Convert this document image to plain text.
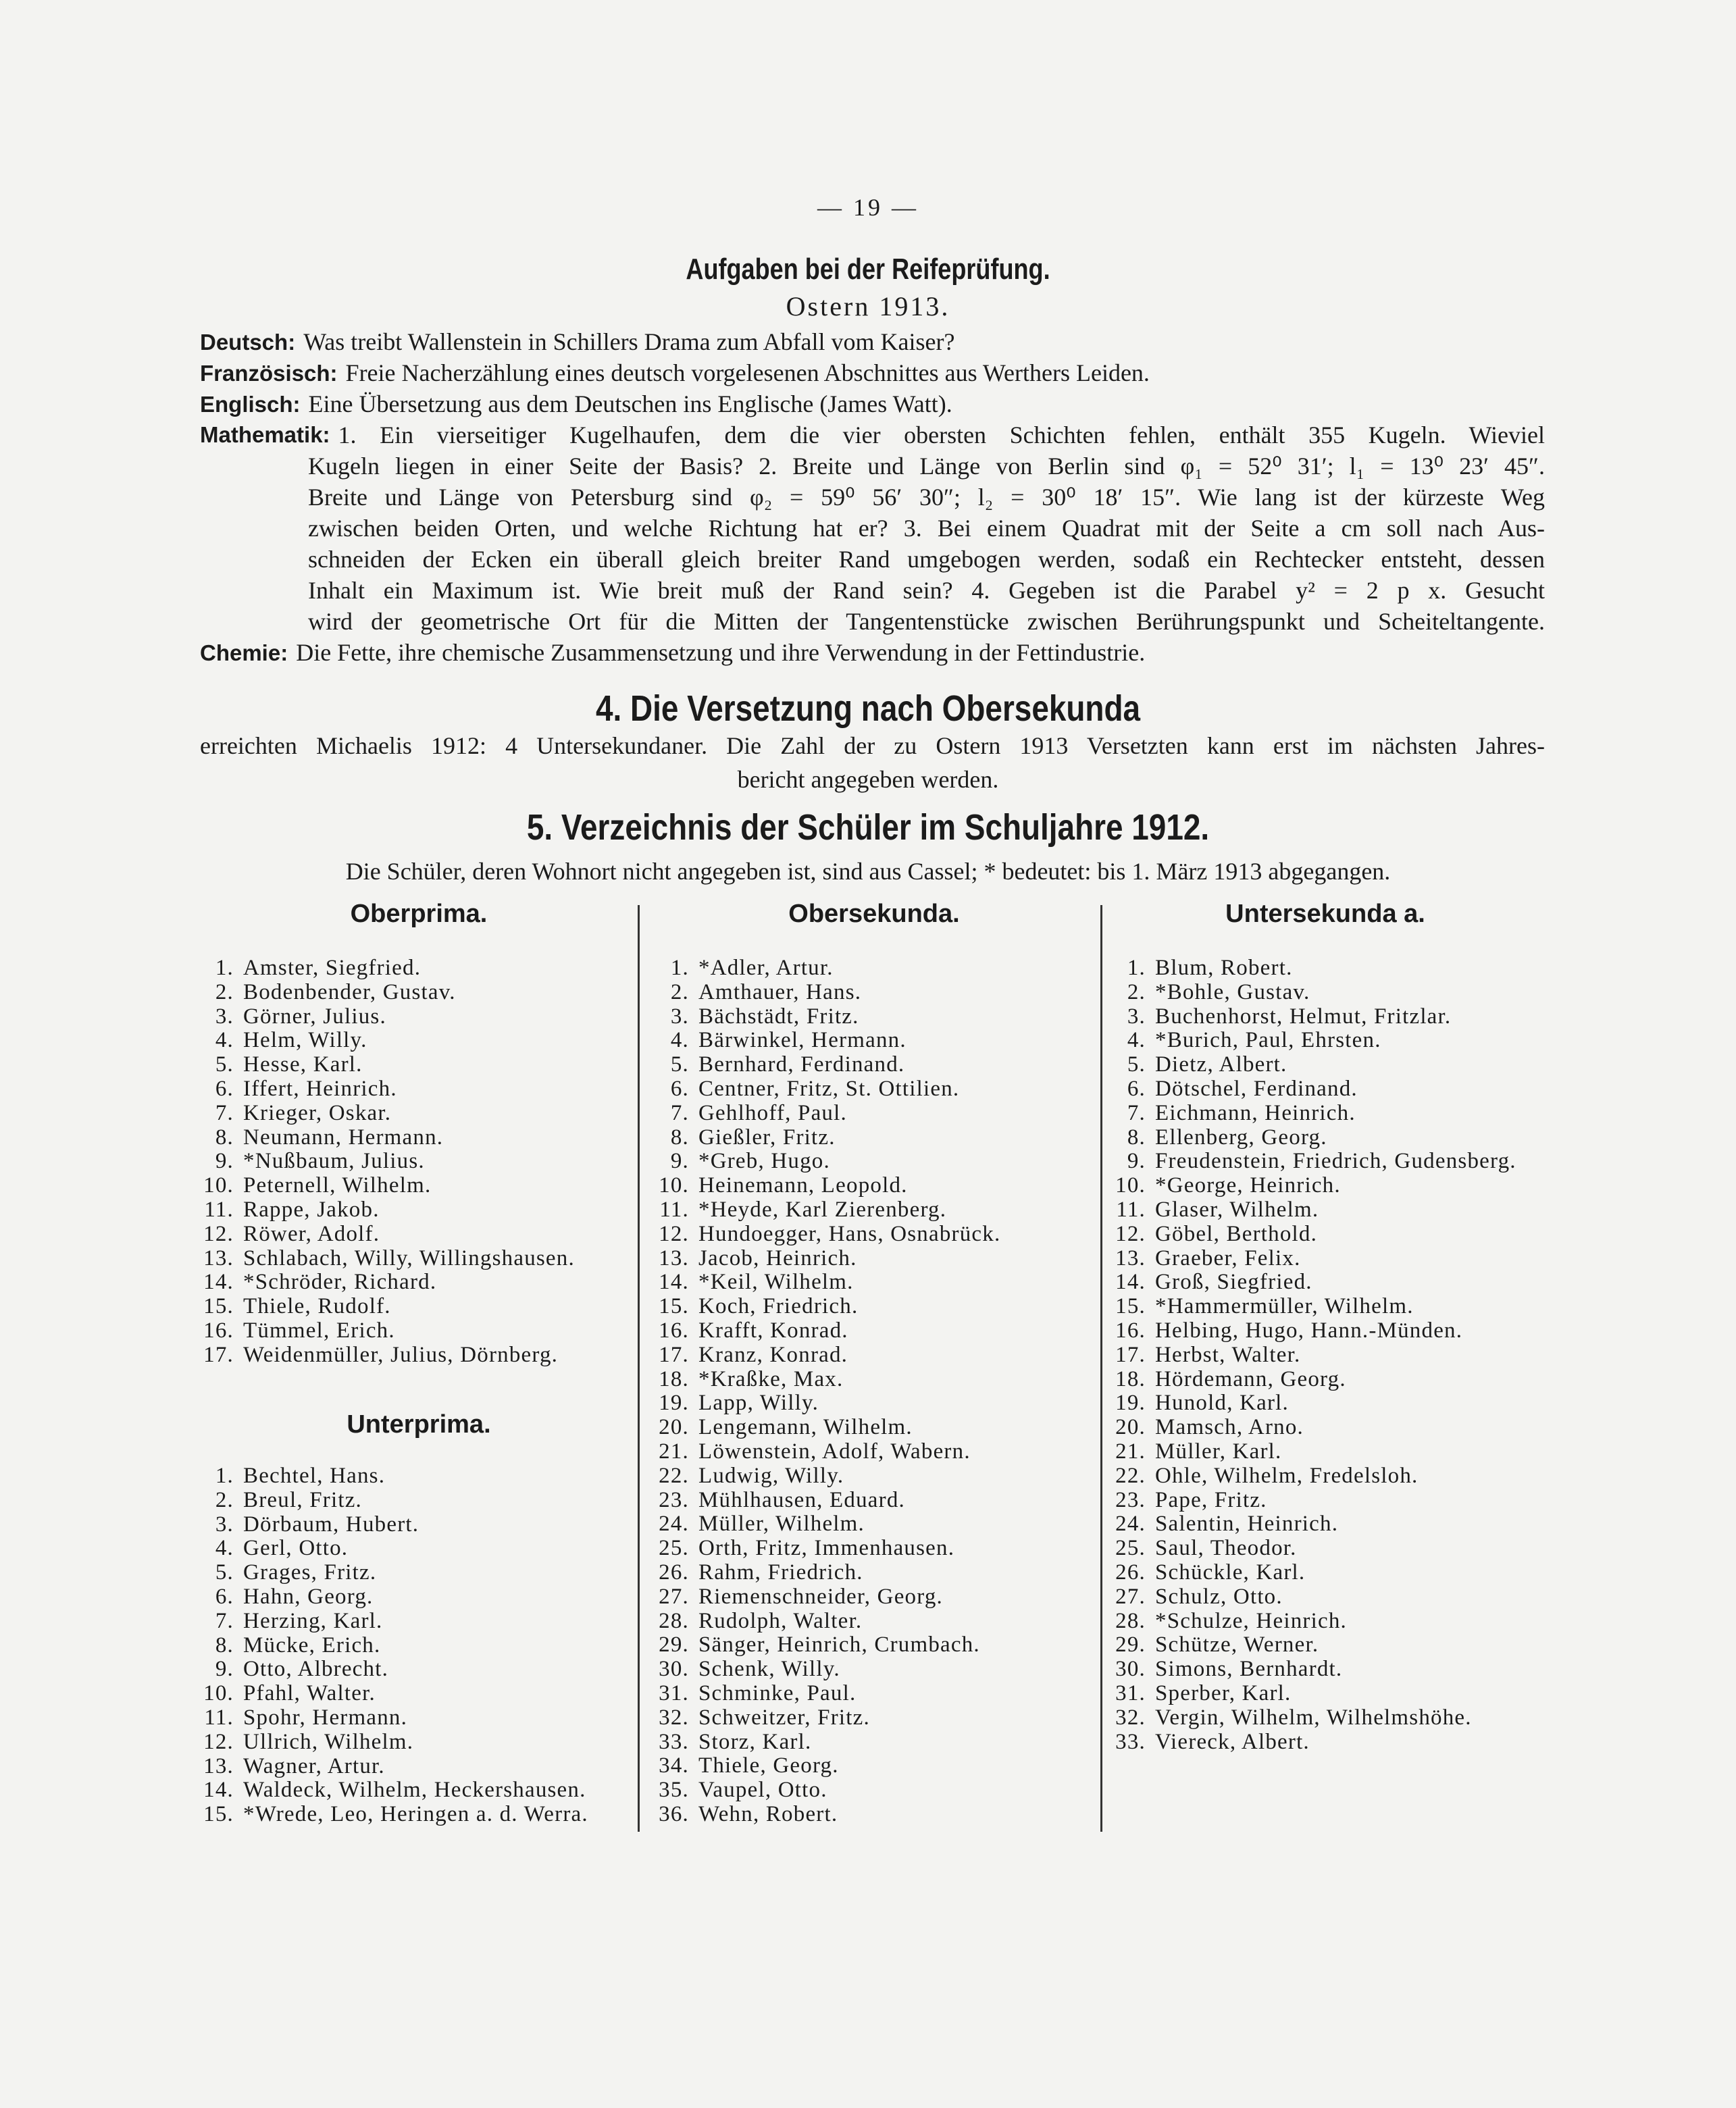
— 19 —
Aufgaben bei der Reifeprüfung.
Ostern 1913.
Deutsch: Was treibt Wallenstein in Schillers Drama zum Abfall vom Kaiser?
Französisch: Freie Nacherzählung eines deutsch vorgelesenen Abschnittes aus Werthers Leiden.
Englisch: Eine Übersetzung aus dem Deutschen ins Englische (James Watt).
Mathematik: 1. Ein vierseitiger Kugelhaufen, dem die vier obersten Schichten fehlen, enthält 355 Kugeln. Wieviel
Kugeln liegen in einer Seite der Basis? 2. Breite und Länge von Berlin sind φ₁ = 52⁰ 31′; l₁ = 13⁰ 23′ 45″.
Breite und Länge von Petersburg sind φ₂ = 59⁰ 56′ 30″; l₂ = 30⁰ 18′ 15″. Wie lang ist der kürzeste Weg
zwischen beiden Orten, und welche Richtung hat er? 3. Bei einem Quadrat mit der Seite a cm soll nach Aus-
schneiden der Ecken ein überall gleich breiter Rand umgebogen werden, sodaß ein Rechtecker entsteht, dessen
Inhalt ein Maximum ist. Wie breit muß der Rand sein? 4. Gegeben ist die Parabel y² = 2 p x. Gesucht
wird der geometrische Ort für die Mitten der Tangentenstücke zwischen Berührungspunkt und Scheiteltangente.
Chemie: Die Fette, ihre chemische Zusammensetzung und ihre Verwendung in der Fettindustrie.
4. Die Versetzung nach Obersekunda
erreichten Michaelis 1912: 4 Untersekundaner. Die Zahl der zu Ostern 1913 Versetzten kann erst im nächsten Jahres-
bericht angegeben werden.
5. Verzeichnis der Schüler im Schuljahre 1912.
Die Schüler, deren Wohnort nicht angegeben ist, sind aus Cassel; * bedeutet: bis 1. März 1913 abgegangen.
Oberprima.
1. Amster, Siegfried.
2. Bodenbender, Gustav.
3. Görner, Julius.
4. Helm, Willy.
5. Hesse, Karl.
6. Iffert, Heinrich.
7. Krieger, Oskar.
8. Neumann, Hermann.
9. *Nußbaum, Julius.
10. Peternell, Wilhelm.
11. Rappe, Jakob.
12. Röwer, Adolf.
13. Schlabach, Willy, Willingshausen.
14. *Schröder, Richard.
15. Thiele, Rudolf.
16. Tümmel, Erich.
17. Weidenmüller, Julius, Dörnberg.
Unterprima.
1. Bechtel, Hans.
2. Breul, Fritz.
3. Dörbaum, Hubert.
4. Gerl, Otto.
5. Grages, Fritz.
6. Hahn, Georg.
7. Herzing, Karl.
8. Mücke, Erich.
9. Otto, Albrecht.
10. Pfahl, Walter.
11. Spohr, Hermann.
12. Ullrich, Wilhelm.
13. Wagner, Artur.
14. Waldeck, Wilhelm, Heckershausen.
15. *Wrede, Leo, Heringen a. d. Werra.
Obersekunda.
1. *Adler, Artur.
2. Amthauer, Hans.
3. Bächstädt, Fritz.
4. Bärwinkel, Hermann.
5. Bernhard, Ferdinand.
6. Centner, Fritz, St. Ottilien.
7. Gehlhoff, Paul.
8. Gießler, Fritz.
9. *Greb, Hugo.
10. Heinemann, Leopold.
11. *Heyde, Karl Zierenberg.
12. Hundoegger, Hans, Osnabrück.
13. Jacob, Heinrich.
14. *Keil, Wilhelm.
15. Koch, Friedrich.
16. Krafft, Konrad.
17. Kranz, Konrad.
18. *Kraßke, Max.
19. Lapp, Willy.
20. Lengemann, Wilhelm.
21. Löwenstein, Adolf, Wabern.
22. Ludwig, Willy.
23. Mühlhausen, Eduard.
24. Müller, Wilhelm.
25. Orth, Fritz, Immenhausen.
26. Rahm, Friedrich.
27. Riemenschneider, Georg.
28. Rudolph, Walter.
29. Sänger, Heinrich, Crumbach.
30. Schenk, Willy.
31. Schminke, Paul.
32. Schweitzer, Fritz.
33. Storz, Karl.
34. Thiele, Georg.
35. Vaupel, Otto.
36. Wehn, Robert.
Untersekunda a.
1. Blum, Robert.
2. *Bohle, Gustav.
3. Buchenhorst, Helmut, Fritzlar.
4. *Burich, Paul, Ehrsten.
5. Dietz, Albert.
6. Dötschel, Ferdinand.
7. Eichmann, Heinrich.
8. Ellenberg, Georg.
9. Freudenstein, Friedrich, Gudensberg.
10. *George, Heinrich.
11. Glaser, Wilhelm.
12. Göbel, Berthold.
13. Graeber, Felix.
14. Groß, Siegfried.
15. *Hammermüller, Wilhelm.
16. Helbing, Hugo, Hann.-Münden.
17. Herbst, Walter.
18. Hördemann, Georg.
19. Hunold, Karl.
20. Mamsch, Arno.
21. Müller, Karl.
22. Ohle, Wilhelm, Fredelsloh.
23. Pape, Fritz.
24. Salentin, Heinrich.
25. Saul, Theodor.
26. Schückle, Karl.
27. Schulz, Otto.
28. *Schulze, Heinrich.
29. Schütze, Werner.
30. Simons, Bernhardt.
31. Sperber, Karl.
32. Vergin, Wilhelm, Wilhelmshöhe.
33. Viereck, Albert.
